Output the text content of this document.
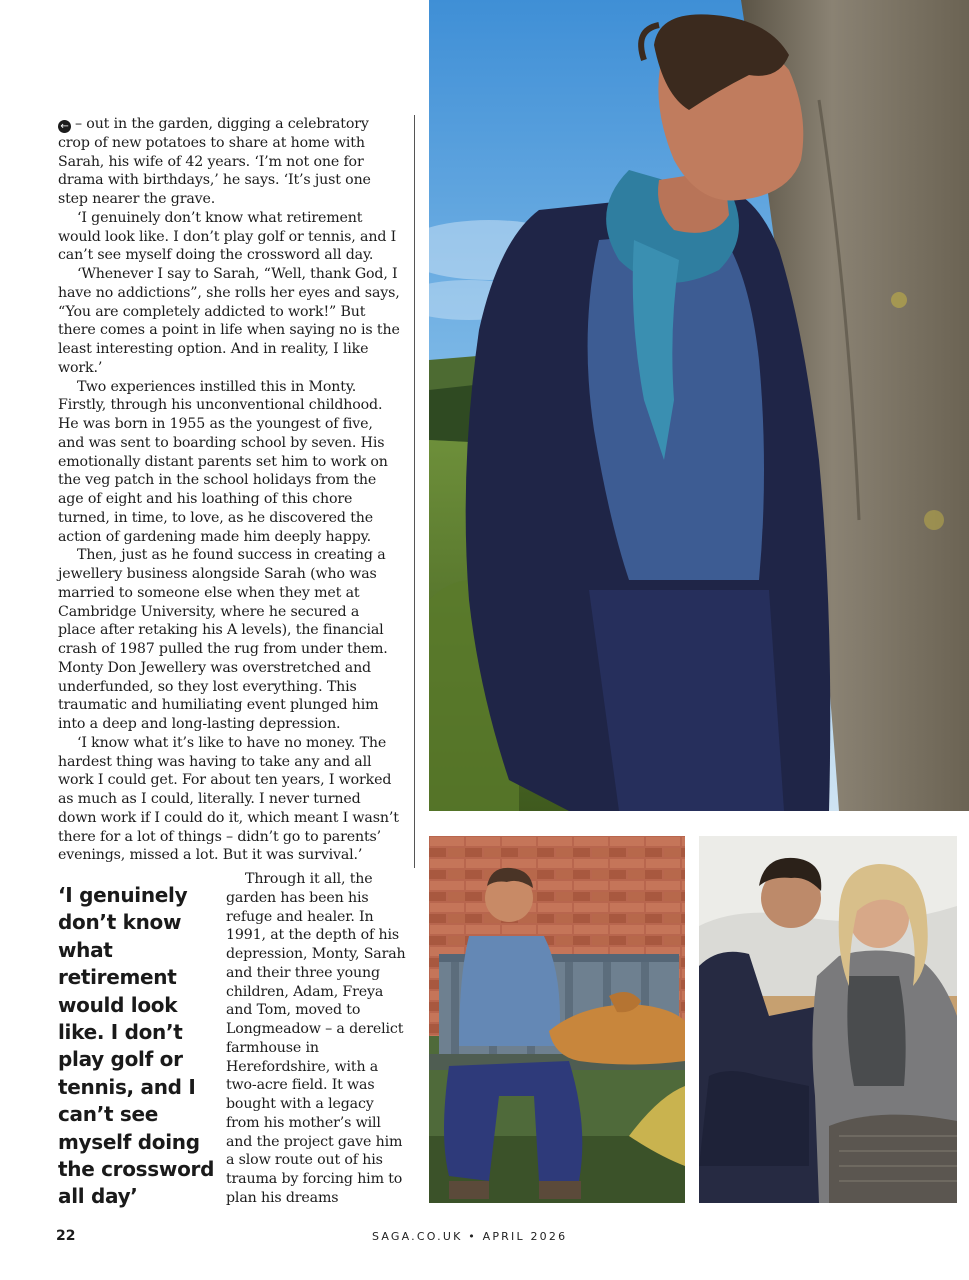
← – out in the garden, digging a celebratory crop of new potatoes to share at home with Sarah, his wife of 42 years. ‘I’m not one for drama with birthdays,’ he says. ‘It’s just one step nearer the grave.

‘I genuinely don’t know what retirement would look like. I don’t play golf or tennis, and I can’t see myself doing the crossword all day.

‘Whenever I say to Sarah, “Well, thank God, I have no addictions”, she rolls her eyes and says, “You are completely addicted to work!” But there comes a point in life when saying no is the least interesting option. And in reality, I like work.’

Two experiences instilled this in Monty. Firstly, through his unconventional childhood. He was born in 1955 as the youngest of five, and was sent to boarding school by seven. His emotionally distant parents set him to work on the veg patch in the school holidays from the age of eight and his loathing of this chore turned, in time, to love, as he discovered the action of gardening made him deeply happy.

Then, just as he found success in creating a jewellery business alongside Sarah (who was married to someone else when they met at Cambridge University, where he secured a place after retaking his A levels), the financial crash of 1987 pulled the rug from under them. Monty Don Jewellery was overstretched and underfunded, so they lost everything. This traumatic and humiliating event plunged him into a deep and long-lasting depression.

‘I know what it’s like to have no money. The hardest thing was having to take any and all work I could get. For about ten years, I worked as much as I could, literally. I never turned down work if I could do it, which meant I wasn’t there for a lot of things – didn’t go to parents’ evenings, missed a lot. But it was survival.’

‘I genuinely don’t know what retirement would look like. I don’t play golf or tennis, and I can’t see myself doing the crossword all day’

Through it all, the garden has been his refuge and healer. In 1991, at the depth of his depression, Monty, Sarah and their three young children, Adam, Freya and Tom, moved to Longmeadow – a derelict farmhouse in Herefordshire, with a two-acre field. It was bought with a legacy from his mother’s will and the project gave him a slow route out of his trauma by forcing him to plan his dreams

22	SAGA.CO.UK • APRIL 2026
